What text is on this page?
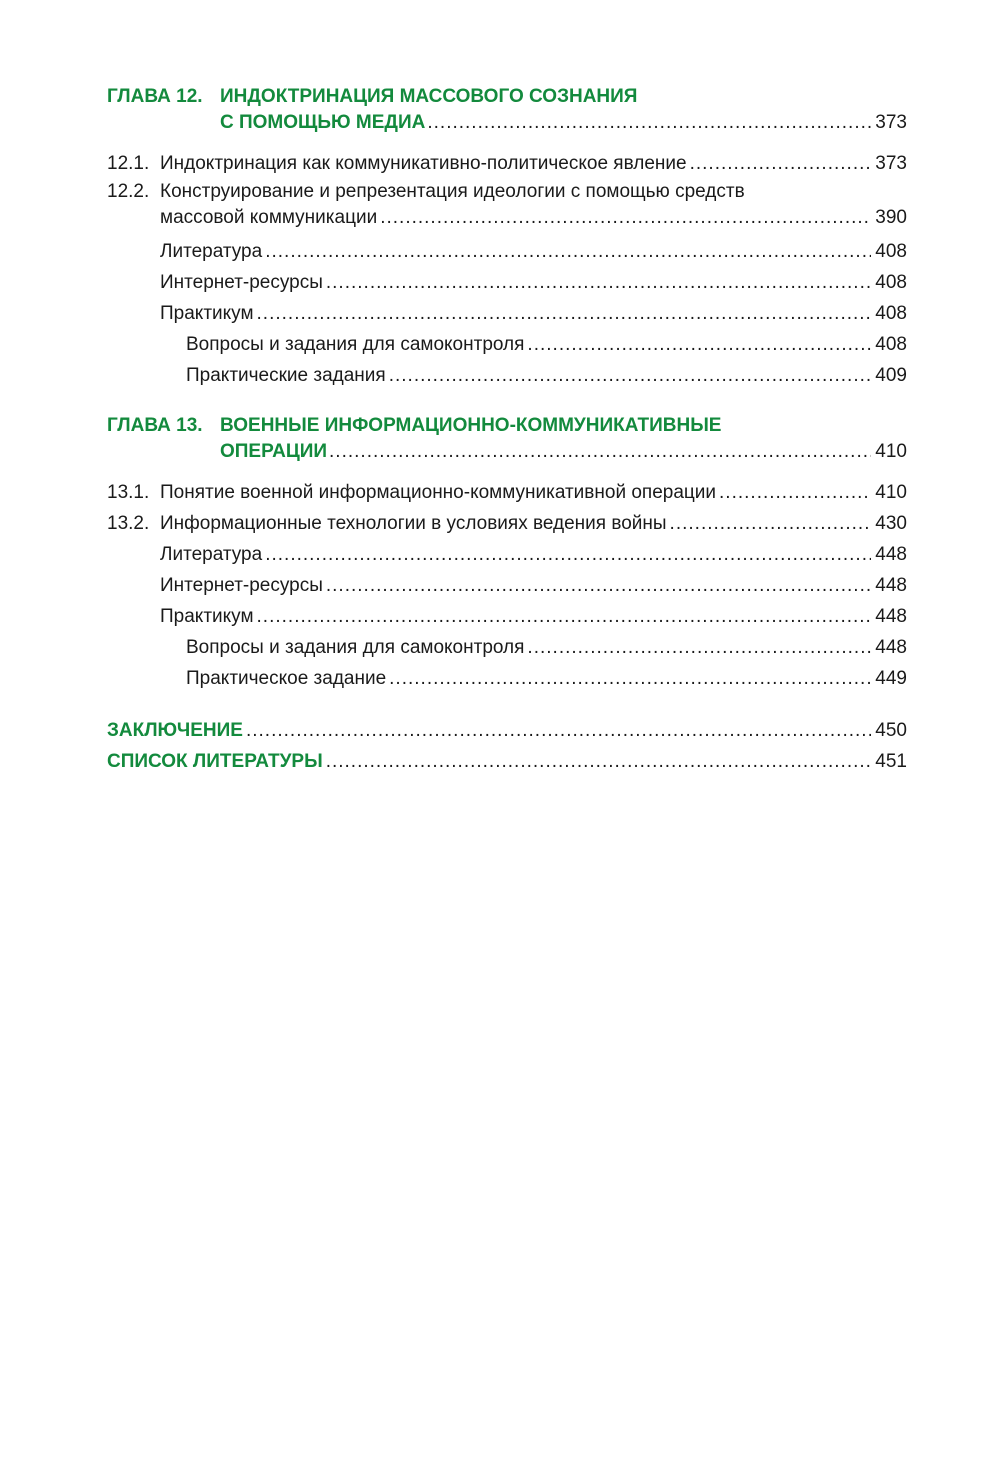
ГЛАВА 12. ИНДОКТРИНАЦИЯ МАССОВОГО СОЗНАНИЯ
С ПОМОЩЬЮ МЕДИА .....	373
12.1. Индоктринация как коммуникативно-политическое явление .....	373
12.2. Конструирование и репрезентация идеологии с помощью средств
массовой коммуникации .....	390
Литература .....	408
Интернет-ресурсы .....	408
Практикум .....	408
Вопросы и задания для самоконтроля .....	408
Практические задания .....	409
ГЛАВА 13. ВОЕННЫЕ ИНФОРМАЦИОННО-КОММУНИКАТИВНЫЕ
ОПЕРАЦИИ .....	410
13.1. Понятие военной информационно-коммуникативной операции .....	410
13.2. Информационные технологии в условиях ведения войны .....	430
Литература .....	448
Интернет-ресурсы .....	448
Практикум .....	448
Вопросы и задания для самоконтроля .....	448
Практическое задание .....	449
ЗАКЛЮЧЕНИЕ .....	450
СПИСОК ЛИТЕРАТУРЫ .....	451
